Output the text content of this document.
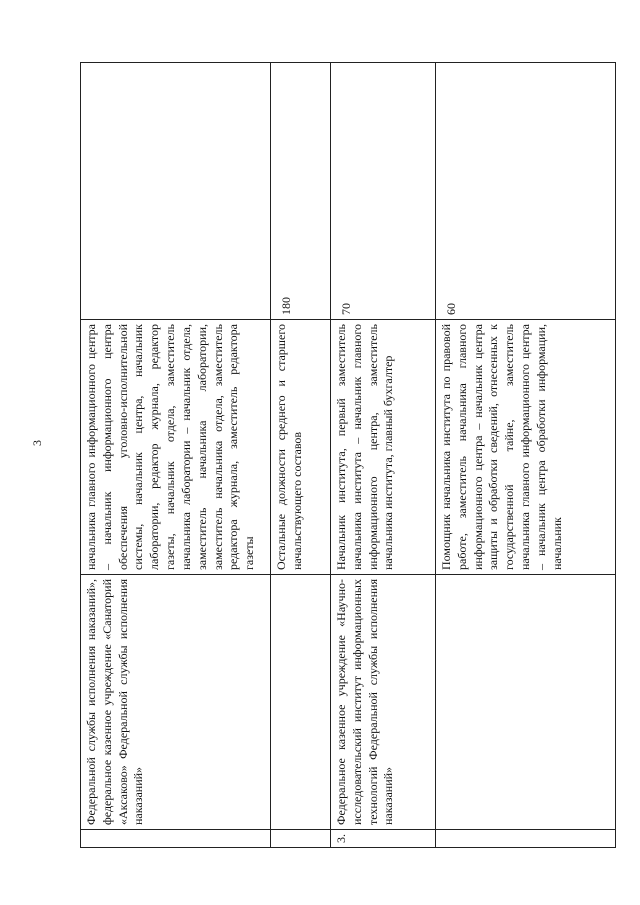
3
	Федеральной службы исполнения наказаний», федеральное казенное учреждение «Санаторий «Аксаково» Федеральной службы исполнения наказаний»	начальника главного информационного центра – начальник информационного центра обеспечения уголовно-исполнительной системы, начальник центра, начальник лаборатории, редактор журнала, редактор газеты, начальник отдела, заместитель начальника лаборатории – начальник отдела, заместитель начальника лаборатории, заместитель начальника отдела, заместитель редактора журнала, заместитель редактора газеты	
		Остальные должности среднего и старшего начальствующего составов	180
3.	Федеральное казенное учреждение «Научно-исследовательский институт информационных технологий Федеральной службы исполнения наказаний»	Начальник института, первый заместитель начальника института – начальник главного информационного центра, заместитель начальника института, главный бухгалтер	70
		Помощник начальника института по правовой работе, заместитель начальника главного информационного центра – начальник центра защиты и обработки сведений, отнесенных к государственной тайне, заместитель начальника главного информационного центра – начальник центра обработки информации, начальник	60
